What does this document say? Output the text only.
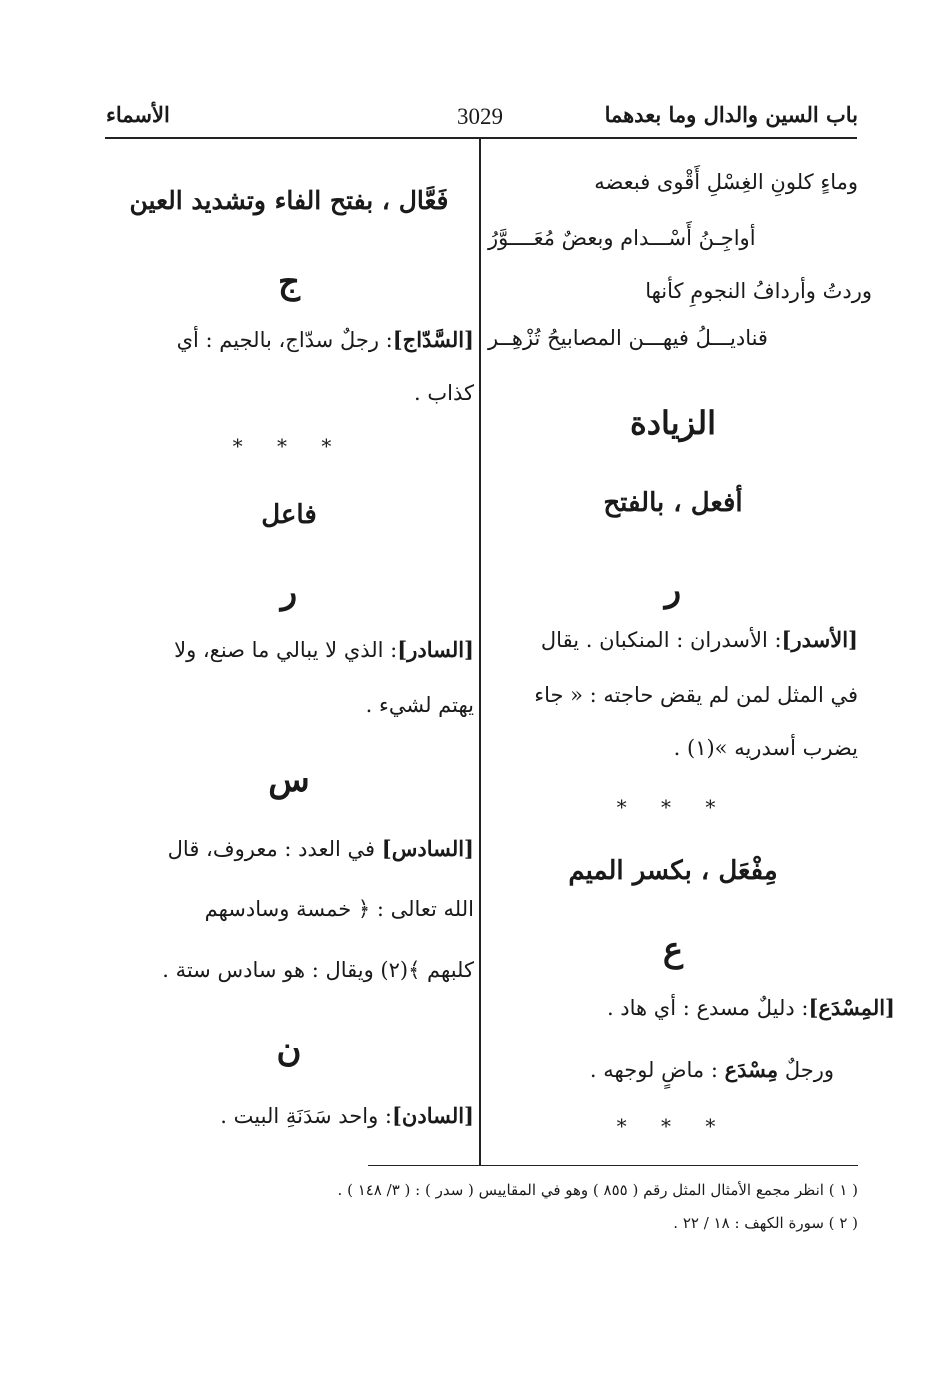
باب السين والدال وما بعدهما
3029
الأسماء
وماءٍ كلونِ الغِسْلِ أَقْوى فبعضه
أواجِـنُ أَسْـــدام وبعضٌ مُعَــــوَّرُ
وردتُ وأردافُ النجومِ كأنها
قناديـــلُ فيهـــن المصابيحُ تُزْهِــر
الزيادة
أفعل ، بالفتح
ر
[الأسدر]: الأسدران : المنكبان . يقال
في المثل لمن لم يقض حاجته : « جاء
يضرب أسدريه »(١) .
* * *
مِفْعَل ، بكسر الميم
ع
[المِسْدَع]: دليلٌ مسدع : أي هاد .
ورجلٌ مِسْدَع : ماضٍ لوجهه .
* * *
فَعَّال ، بفتح الفاء وتشديد العين
ج
[السَّدّاج]: رجلٌ سدّاج، بالجيم : أي
كذاب .
* * *
فاعل
ر
[السادر]: الذي لا يبالي ما صنع، ولا
يهتم لشيء .
س
[السادس] في العدد : معروف، قال
الله تعالى : ﴿ خمسة وسادسهم
كلبهم ﴾(٢) ويقال : هو سادس ستة .
ن
[السادن]: واحد سَدَنَةِ البيت .
( ١ ) انظر مجمع الأمثال المثل رقم ( ٨٥٥ ) وهو في المقاييس ( سدر ) : ( ٣/ ١٤٨ ) .
( ٢ ) سورة الكهف : ١٨ / ٢٢ .
